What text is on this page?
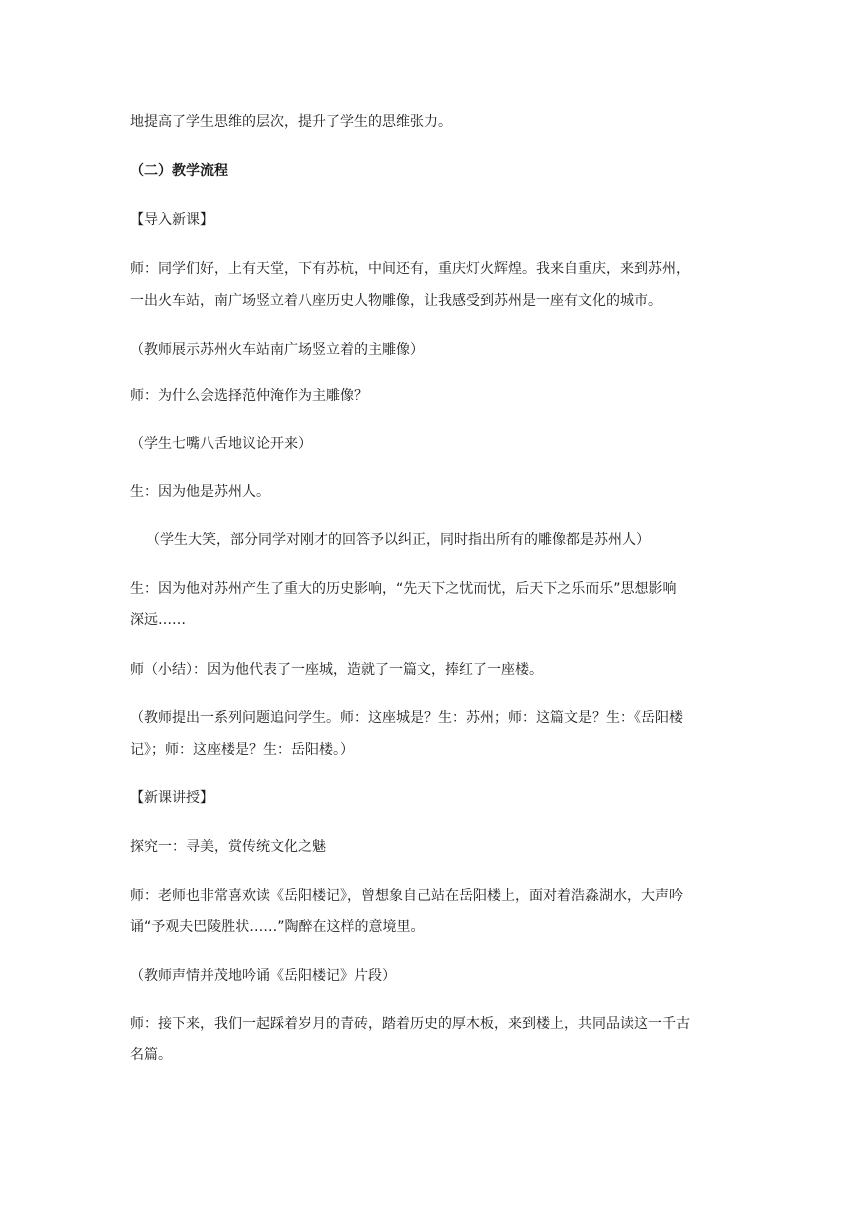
地提高了学生思维的层次，提升了学生的思维张力。

（二）教学流程

【导入新课】

师：同学们好，上有天堂，下有苏杭，中间还有，重庆灯火辉煌。我来自重庆，来到苏州，

一出火车站，南广场竖立着八座历史人物雕像，让我感受到苏州是一座有文化的城市。

（教师展示苏州火车站南广场竖立着的主雕像）

师：为什么会选择范仲淹作为主雕像？

（学生七嘴八舌地议论开来）

生：因为他是苏州人。

（学生大笑，部分同学对刚才的回答予以纠正，同时指出所有的雕像都是苏州人）

生：因为他对苏州产生了重大的历史影响，“先天下之忧而忧，后天下之乐而乐”思想影响

深远……

师（小结）：因为他代表了一座城，造就了一篇文，捧红了一座楼。

（教师提出一系列问题追问学生。师：这座城是？生：苏州；师：这篇文是？生：《岳阳楼

记》；师：这座楼是？生：岳阳楼。）

【新课讲授】

探究一：寻美，赏传统文化之魅

师：老师也非常喜欢读《岳阳楼记》，曾想象自己站在岳阳楼上，面对着浩淼湖水，大声吟

诵“予观夫巴陵胜状……”陶醉在这样的意境里。

（教师声情并茂地吟诵《岳阳楼记》片段）

师：接下来，我们一起踩着岁月的青砖，踏着历史的厚木板，来到楼上，共同品读这一千古

名篇。
